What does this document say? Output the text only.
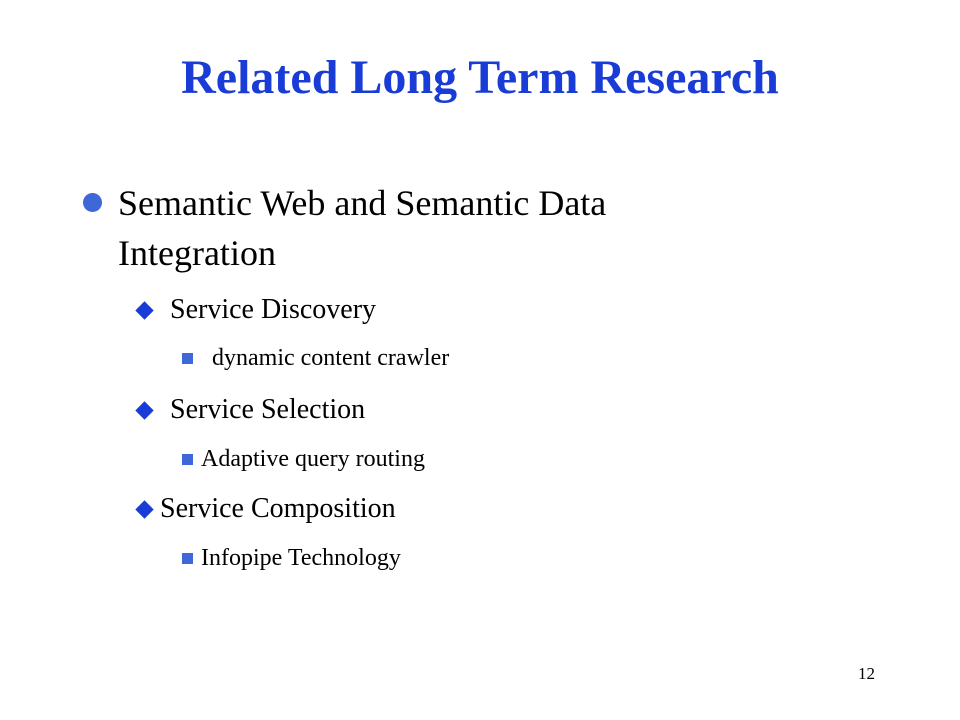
Related Long Term Research
Semantic Web and Semantic Data Integration
Service Discovery
dynamic content crawler
Service Selection
Adaptive query routing
Service Composition
Infopipe Technology
12
